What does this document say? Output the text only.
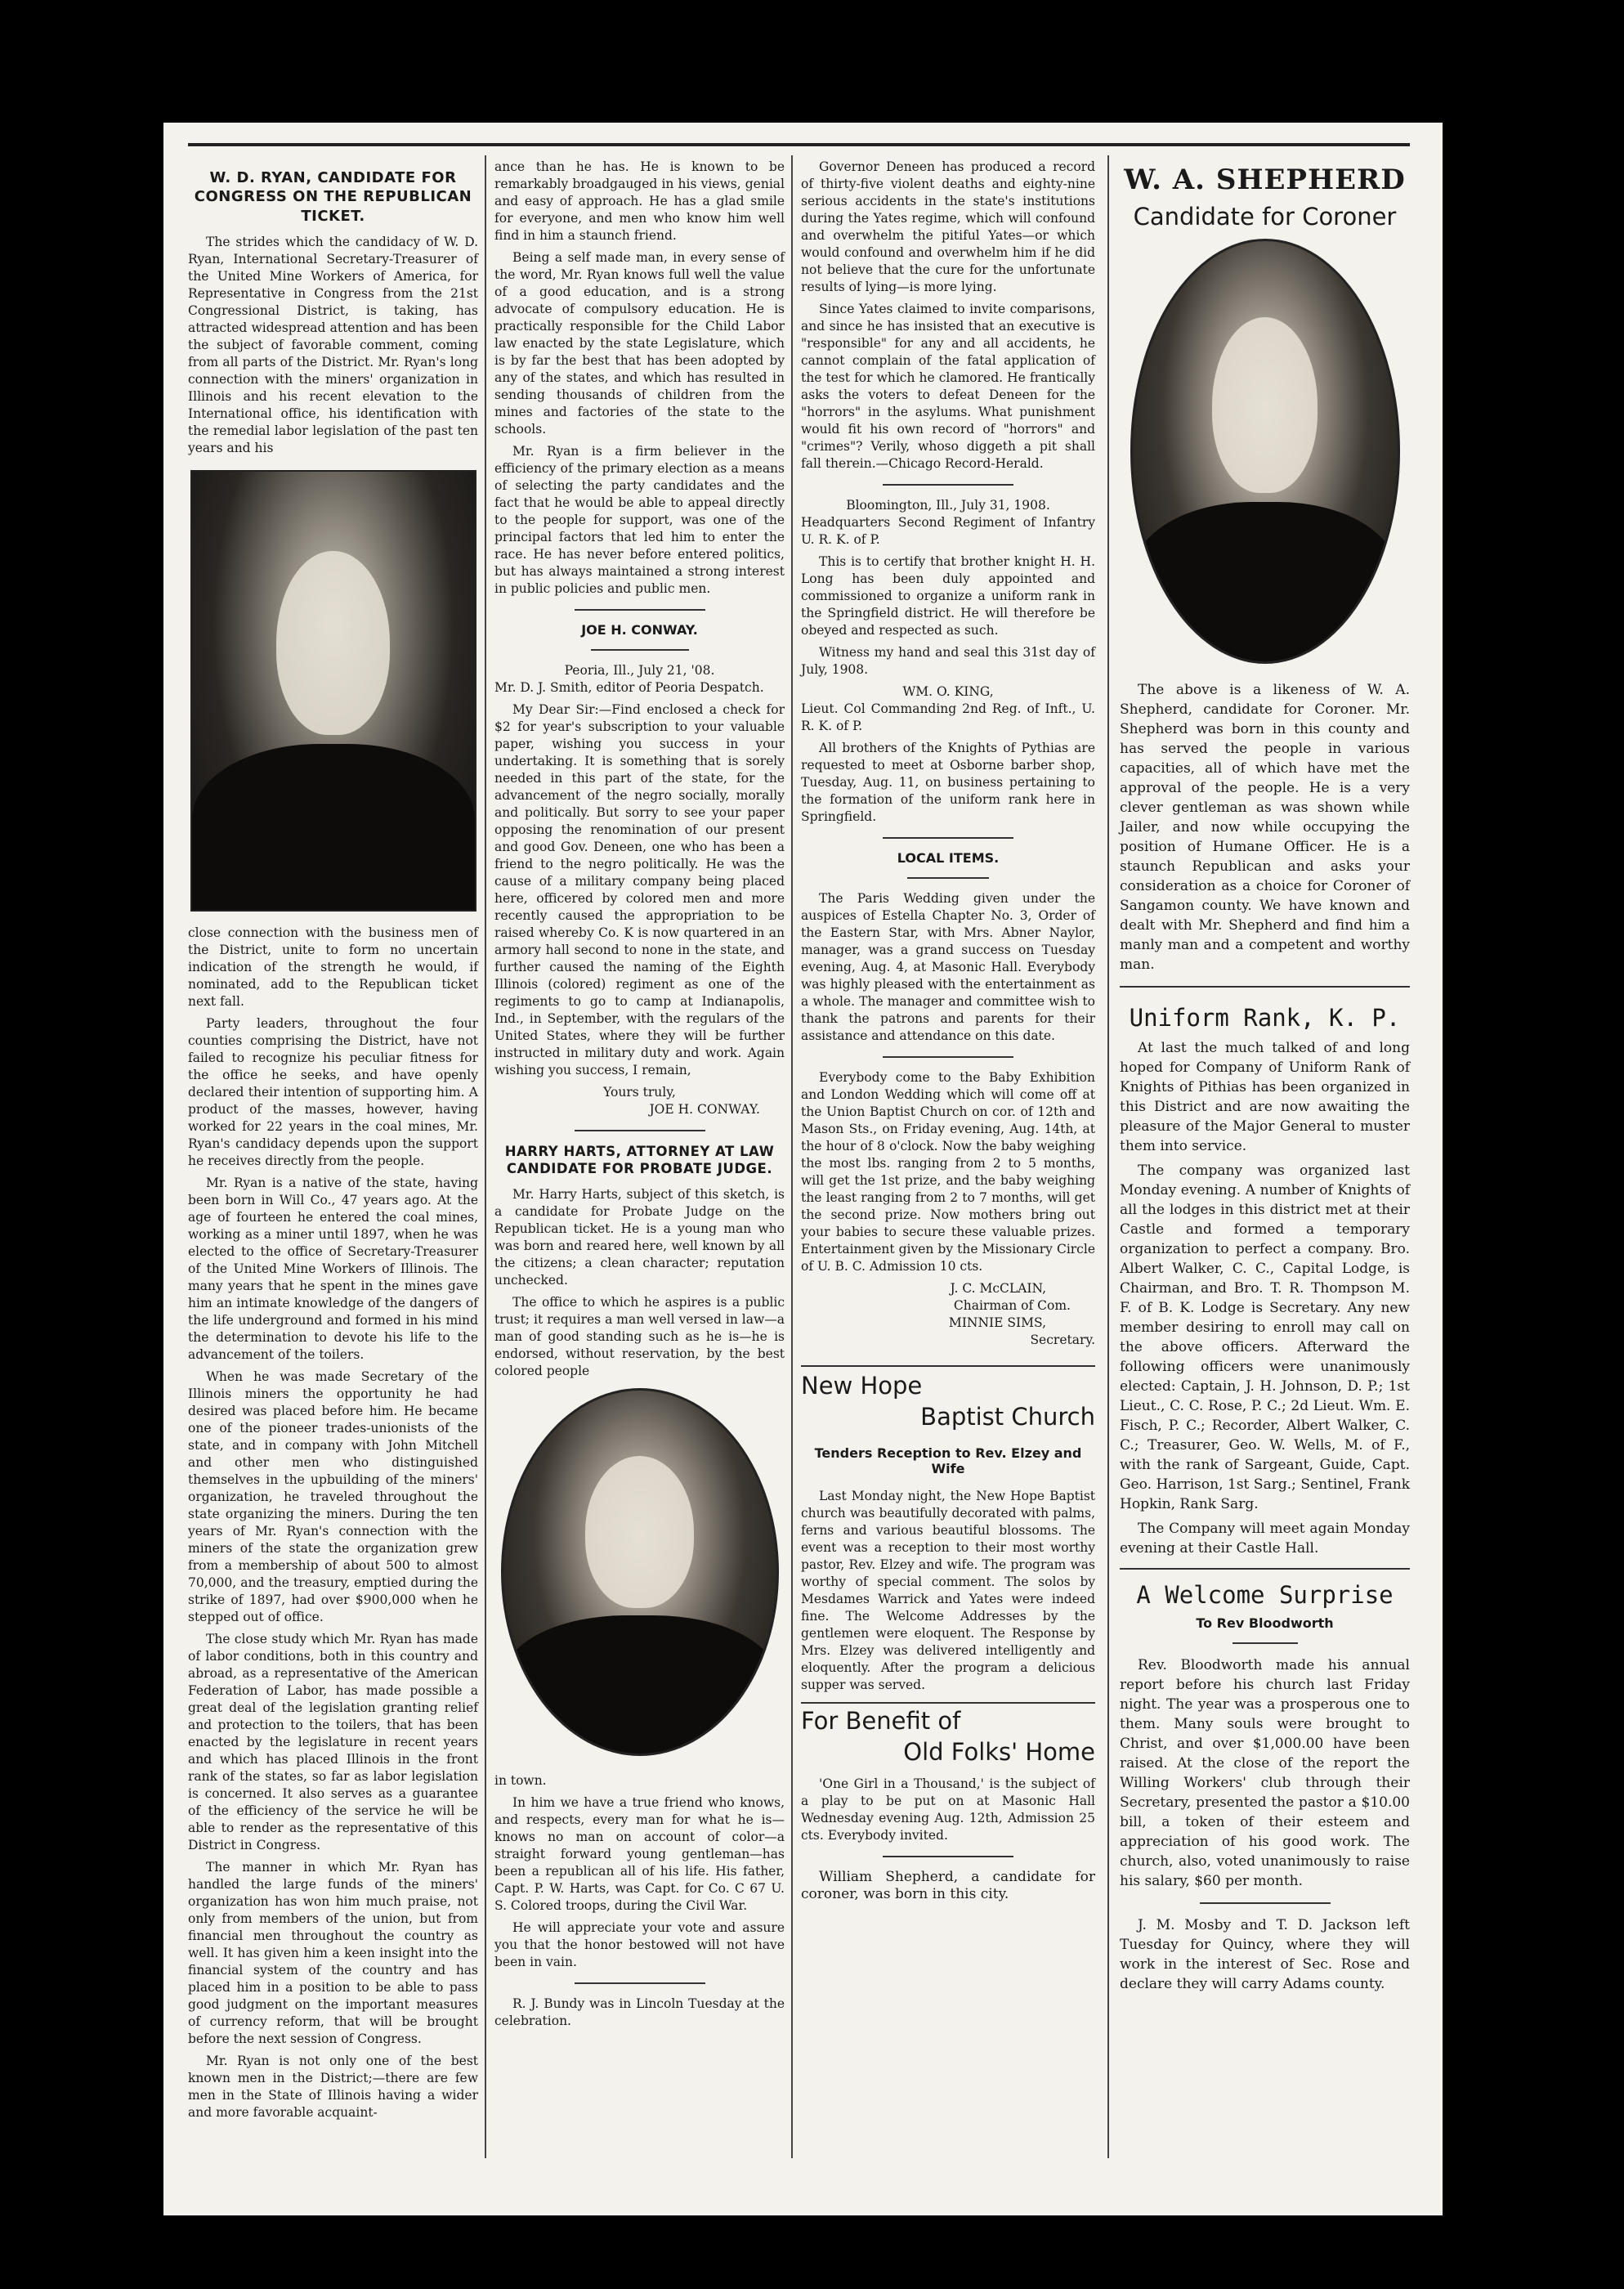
W. D. RYAN, CANDIDATE FOR CONGRESS ON THE REPUBLICAN TICKET.

The strides which the candidacy of W. D. Ryan, International Secretary-Treasurer of the United Mine Workers of America, for Representative in Congress from the 21st Congressional District, is taking, has attracted widespread attention and has been the subject of favorable comment, coming from all parts of the District. Mr. Ryan's long connection with the miners' organization in Illinois and his recent elevation to the International office, his identification with the remedial labor legislation of the past ten years and his

close connection with the business men of the District, unite to form no uncertain indication of the strength he would, if nominated, add to the Republican ticket next fall.

Party leaders, throughout the four counties comprising the District, have not failed to recognize his peculiar fitness for the office he seeks, and have openly declared their intention of supporting him. A product of the masses, however, having worked for 22 years in the coal mines, Mr. Ryan's candidacy depends upon the support he receives directly from the people.

Mr. Ryan is a native of the state, having been born in Will Co., 47 years ago. At the age of fourteen he entered the coal mines, working as a miner until 1897, when he was elected to the office of Secretary-Treasurer of the United Mine Workers of Illinois. The many years that he spent in the mines gave him an intimate knowledge of the dangers of the life underground and formed in his mind the determination to devote his life to the advancement of the toilers.

When he was made Secretary of the Illinois miners the opportunity he had desired was placed before him. He became one of the pioneer trades-unionists of the state, and in company with John Mitchell and other men who distinguished themselves in the upbuilding of the miners' organization, he traveled throughout the state organizing the miners. During the ten years of Mr. Ryan's connection with the miners of the state the organization grew from a membership of about 500 to almost 70,000, and the treasury, emptied during the strike of 1897, had over $900,000 when he stepped out of office.

The close study which Mr. Ryan has made of labor conditions, both in this country and abroad, as a representative of the American Federation of Labor, has made possible a great deal of the legislation granting relief and protection to the toilers, that has been enacted by the legislature in recent years and which has placed Illinois in the front rank of the states, so far as labor legislation is concerned. It also serves as a guarantee of the efficiency of the service he will be able to render as the representative of this District in Congress.

The manner in which Mr. Ryan has handled the large funds of the miners' organization has won him much praise, not only from members of the union, but from financial men throughout the country as well. It has given him a keen insight into the financial system of the country and has placed him in a position to be able to pass good judgment on the important measures of currency reform, that will be brought before the next session of Congress.

Mr. Ryan is not only one of the best known men in the District;—there are few men in the State of Illinois having a wider and more favorable acquaint-

ance than he has. He is known to be remarkably broadgauged in his views, genial and easy of approach. He has a glad smile for everyone, and men who know him well find in him a staunch friend.

Being a self made man, in every sense of the word, Mr. Ryan knows full well the value of a good education, and is a strong advocate of compulsory education. He is practically responsible for the Child Labor law enacted by the state Legislature, which is by far the best that has been adopted by any of the states, and which has resulted in sending thousands of children from the mines and factories of the state to the schools.

Mr. Ryan is a firm believer in the efficiency of the primary election as a means of selecting the party candidates and the fact that he would be able to appeal directly to the people for support, was one of the principal factors that led him to enter the race. He has never before entered politics, but has always maintained a strong interest in public policies and public men.

JOE H. CONWAY.

Peoria, Ill., July 21, '08.

Mr. D. J. Smith, editor of Peoria Despatch.

My Dear Sir:—Find enclosed a check for $2 for year's subscription to your valuable paper, wishing you success in your undertaking. It is something that is sorely needed in this part of the state, for the advancement of the negro socially, morally and politically. But sorry to see your paper opposing the renomination of our present and good Gov. Deneen, one who has been a friend to the negro politically. He was the cause of a military company being placed here, officered by colored men and more recently caused the appropriation to be raised whereby Co. K is now quartered in an armory hall second to none in the state, and further caused the naming of the Eighth Illinois (colored) regiment as one of the regiments to go to camp at Indianapolis, Ind., in September, with the regulars of the United States, where they will be further instructed in military duty and work. Again wishing you success, I remain,

Yours truly,

JOE H. CONWAY.

HARRY HARTS, ATTORNEY AT LAW CANDIDATE FOR PROBATE JUDGE.

Mr. Harry Harts, subject of this sketch, is a candidate for Probate Judge on the Republican ticket. He is a young man who was born and reared here, well known by all the citizens; a clean character; reputation unchecked.

The office to which he aspires is a public trust; it requires a man well versed in law—a man of good standing such as he is—he is endorsed, without reservation, by the best colored people

in town.

In him we have a true friend who knows, and respects, every man for what he is—knows no man on account of color—a straight forward young gentleman—has been a republican all of his life. His father, Capt. P. W. Harts, was Capt. for Co. C 67 U. S. Colored troops, during the Civil War.

He will appreciate your vote and assure you that the honor bestowed will not have been in vain.

R. J. Bundy was in Lincoln Tuesday at the celebration.

Governor Deneen has produced a record of thirty-five violent deaths and eighty-nine serious accidents in the state's institutions during the Yates regime, which will confound and overwhelm the pitiful Yates—or which would confound and overwhelm him if he did not believe that the cure for the unfortunate results of lying—is more lying.

Since Yates claimed to invite comparisons, and since he has insisted that an executive is "responsible" for any and all accidents, he cannot complain of the fatal application of the test for which he clamored. He frantically asks the voters to defeat Deneen for the "horrors" in the asylums. What punishment would fit his own record of "horrors" and "crimes"? Verily, whoso diggeth a pit shall fall therein.—Chicago Record-Herald.

Bloomington, Ill., July 31, 1908.

Headquarters Second Regiment of Infantry U. R. K. of P.

This is to certify that brother knight H. H. Long has been duly appointed and commissioned to organize a uniform rank in the Springfield district. He will therefore be obeyed and respected as such.

Witness my hand and seal this 31st day of July, 1908.

WM. O. KING,

Lieut. Col Commanding 2nd Reg. of Inft., U. R. K. of P.

All brothers of the Knights of Pythias are requested to meet at Osborne barber shop, Tuesday, Aug. 11, on business pertaining to the formation of the uniform rank here in Springfield.

LOCAL ITEMS.

The Paris Wedding given under the auspices of Estella Chapter No. 3, Order of the Eastern Star, with Mrs. Abner Naylor, manager, was a grand success on Tuesday evening, Aug. 4, at Masonic Hall. Everybody was highly pleased with the entertainment as a whole. The manager and committee wish to thank the patrons and parents for their assistance and attendance on this date.

Everybody come to the Baby Exhibition and London Wedding which will come off at the Union Baptist Church on cor. of 12th and Mason Sts., on Friday evening, Aug. 14th, at the hour of 8 o'clock. Now the baby weighing the most lbs. ranging from 2 to 5 months, will get the 1st prize, and the baby weighing the least ranging from 2 to 7 months, will get the second prize. Now mothers bring out your babies to secure these valuable prizes. Entertainment given by the Missionary Circle of U. B. C. Admission 10 cts.

J. C. McCLAIN,

Chairman of Com.

MINNIE SIMS,

Secretary.

New Hope
Baptist Church
Tenders Reception to Rev. Elzey and Wife

Last Monday night, the New Hope Baptist church was beautifully decorated with palms, ferns and various beautiful blossoms. The event was a reception to their most worthy pastor, Rev. Elzey and wife. The program was worthy of special comment. The solos by Mesdames Warrick and Yates were indeed fine. The Welcome Addresses by the gentlemen were eloquent. The Response by Mrs. Elzey was delivered intelligently and eloquently. After the program a delicious supper was served.

For Benefit of
Old Folks' Home

'One Girl in a Thousand,' is the subject of a play to be put on at Masonic Hall Wednesday evening Aug. 12th, Admission 25 cts. Everybody invited.

William Shepherd, a candidate for coroner, was born in this city.

W. A. SHEPHERD
Candidate for Coroner

The above is a likeness of W. A. Shepherd, candidate for Coroner. Mr. Shepherd was born in this county and has served the people in various capacities, all of which have met the approval of the people. He is a very clever gentleman as was shown while Jailer, and now while occupying the position of Humane Officer. He is a staunch Republican and asks your consideration as a choice for Coroner of Sangamon county. We have known and dealt with Mr. Shepherd and find him a manly man and a competent and worthy man.

Uniform Rank, K. P.

At last the much talked of and long hoped for Company of Uniform Rank of Knights of Pithias has been organized in this District and are now awaiting the pleasure of the Major General to muster them into service.

The company was organized last Monday evening. A number of Knights of all the lodges in this district met at their Castle and formed a temporary organization to perfect a company. Bro. Albert Walker, C. C., Capital Lodge, is Chairman, and Bro. T. R. Thompson M. F. of B. K. Lodge is Secretary. Any new member desiring to enroll may call on the above officers. Afterward the following officers were unanimously elected: Captain, J. H. Johnson, D. P.; 1st Lieut., C. C. Rose, P. C.; 2d Lieut. Wm. E. Fisch, P. C.; Recorder, Albert Walker, C. C.; Treasurer, Geo. W. Wells, M. of F., with the rank of Sargeant, Guide, Capt. Geo. Harrison, 1st Sarg.; Sentinel, Frank Hopkin, Rank Sarg.

The Company will meet again Monday evening at their Castle Hall.

A Welcome Surprise
To Rev Bloodworth

Rev. Bloodworth made his annual report before his church last Friday night. The year was a prosperous one to them. Many souls were brought to Christ, and over $1,000.00 have been raised. At the close of the report the Willing Workers' club through their Secretary, presented the pastor a $10.00 bill, a token of their esteem and appreciation of his good work. The church, also, voted unanimously to raise his salary, $60 per month.

J. M. Mosby and T. D. Jackson left Tuesday for Quincy, where they will work in the interest of Sec. Rose and declare they will carry Adams county.
